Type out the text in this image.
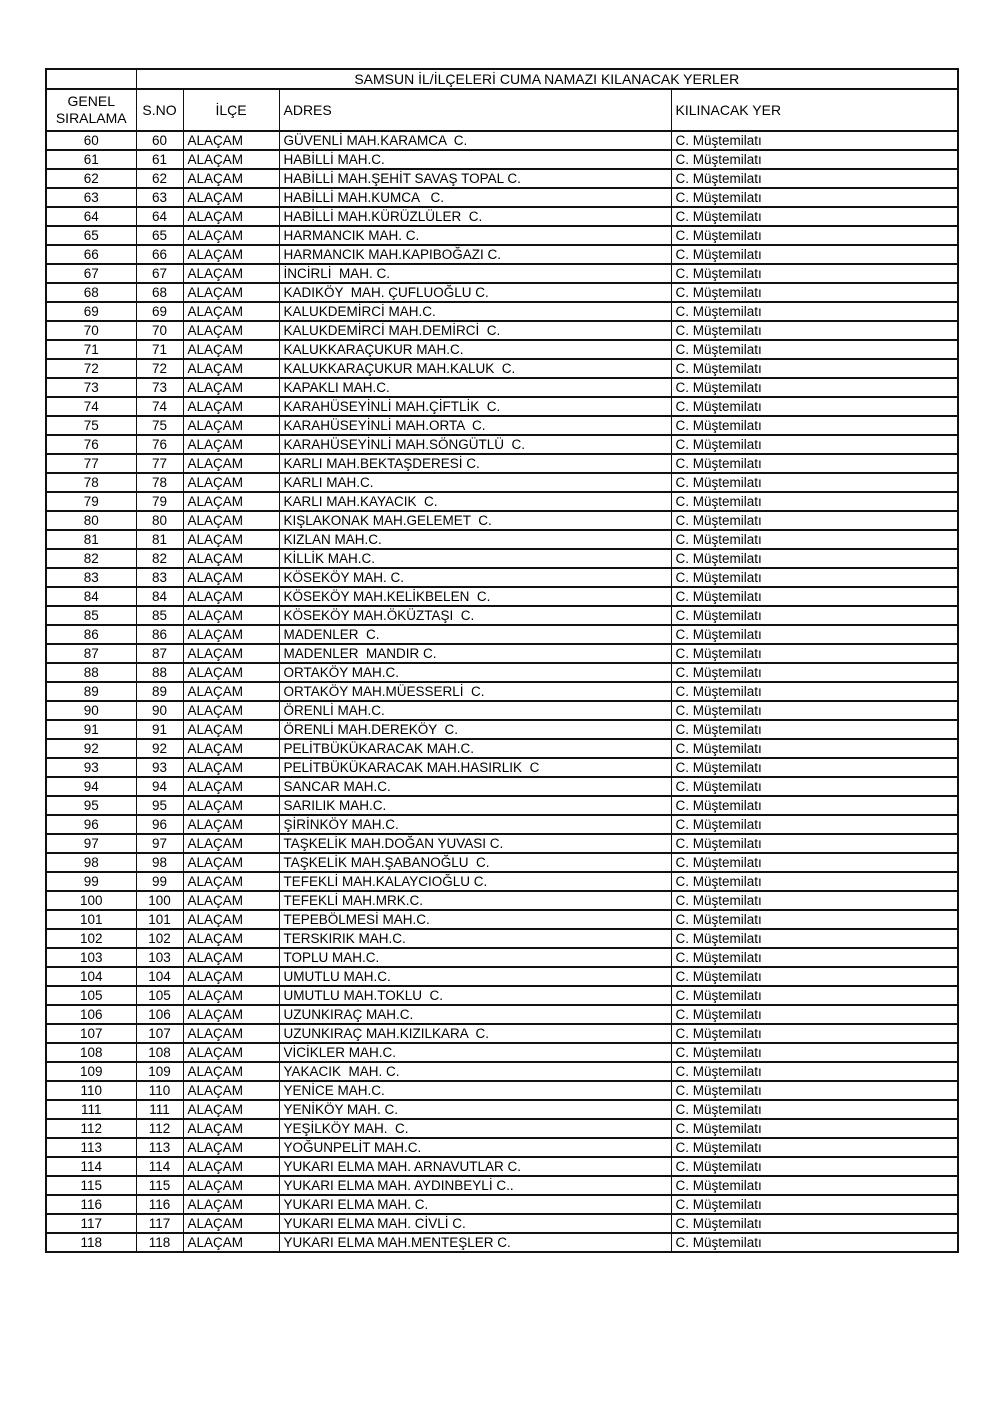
	SAMSUN İL/İLÇELERİ CUMA NAMAZI KILANACAK YERLER			
GENEL SIRALAMA	S.NO	İLÇE	ADRES	KILINACAK YER
60	60	ALAÇAM	GÜVENLİ MAH.KARAMCA  C.	C. Müştemilatı
61	61	ALAÇAM	HABİLLİ MAH.C.	C. Müştemilatı
62	62	ALAÇAM	HABİLLİ MAH.ŞEHİT SAVAŞ TOPAL C.	C. Müştemilatı
63	63	ALAÇAM	HABİLLİ MAH.KUMCA   C.	C. Müştemilatı
64	64	ALAÇAM	HABİLLİ MAH.KÜRÜZLÜLER  C.	C. Müştemilatı
65	65	ALAÇAM	HARMANCIK MAH. C.	C. Müştemilatı
66	66	ALAÇAM	HARMANCIK MAH.KAPIBOĞAZI C.	C. Müştemilatı
67	67	ALAÇAM	İNCİRLİ  MAH. C.	C. Müştemilatı
68	68	ALAÇAM	KADIKÖY  MAH. ÇUFLUOĞLU C.	C. Müştemilatı
69	69	ALAÇAM	KALUKDEMİRCİ MAH.C.	C. Müştemilatı
70	70	ALAÇAM	KALUKDEMİRCİ MAH.DEMİRCİ  C.	C. Müştemilatı
71	71	ALAÇAM	KALUKKARAÇUKUR MAH.C.	C. Müştemilatı
72	72	ALAÇAM	KALUKKARAÇUKUR MAH.KALUK  C.	C. Müştemilatı
73	73	ALAÇAM	KAPAKLI MAH.C.	C. Müştemilatı
74	74	ALAÇAM	KARAHÜSEYİNLİ MAH.ÇİFTLİK  C.	C. Müştemilatı
75	75	ALAÇAM	KARAHÜSEYİNLİ MAH.ORTA  C.	C. Müştemilatı
76	76	ALAÇAM	KARAHÜSEYİNLİ MAH.SÖNGÜTLÜ  C.	C. Müştemilatı
77	77	ALAÇAM	KARLI MAH.BEKTAŞDERESİ C.	C. Müştemilatı
78	78	ALAÇAM	KARLI MAH.C.	C. Müştemilatı
79	79	ALAÇAM	KARLI MAH.KAYACIK  C.	C. Müştemilatı
80	80	ALAÇAM	KIŞLAKONAK MAH.GELEMET  C.	C. Müştemilatı
81	81	ALAÇAM	KIZLAN MAH.C.	C. Müştemilatı
82	82	ALAÇAM	KİLLİK MAH.C.	C. Müştemilatı
83	83	ALAÇAM	KÖSEKÖY MAH. C.	C. Müştemilatı
84	84	ALAÇAM	KÖSEKÖY MAH.KELİKBELEN  C.	C. Müştemilatı
85	85	ALAÇAM	KÖSEKÖY MAH.ÖKÜZTAŞI  C.	C. Müştemilatı
86	86	ALAÇAM	MADENLER  C.	C. Müştemilatı
87	87	ALAÇAM	MADENLER  MANDIR C.	C. Müştemilatı
88	88	ALAÇAM	ORTAKÖY MAH.C.	C. Müştemilatı
89	89	ALAÇAM	ORTAKÖY MAH.MÜESSERLİ  C.	C. Müştemilatı
90	90	ALAÇAM	ÖRENLİ MAH.C.	C. Müştemilatı
91	91	ALAÇAM	ÖRENLİ MAH.DEREKÖY  C.	C. Müştemilatı
92	92	ALAÇAM	PELİTBÜKÜKARACAK MAH.C.	C. Müştemilatı
93	93	ALAÇAM	PELİTBÜKÜKARACAK MAH.HASIRLIK  C	C. Müştemilatı
94	94	ALAÇAM	SANCAR MAH.C.	C. Müştemilatı
95	95	ALAÇAM	SARILIK MAH.C.	C. Müştemilatı
96	96	ALAÇAM	ŞİRİNKÖY MAH.C.	C. Müştemilatı
97	97	ALAÇAM	TAŞKELİK MAH.DOĞAN YUVASI C.	C. Müştemilatı
98	98	ALAÇAM	TAŞKELİK MAH.ŞABANOĞLU  C.	C. Müştemilatı
99	99	ALAÇAM	TEFEKLİ MAH.KALAYCIOĞLU C.	C. Müştemilatı
100	100	ALAÇAM	TEFEKLİ MAH.MRK.C.	C. Müştemilatı
101	101	ALAÇAM	TEPEBÖLMESİ MAH.C.	C. Müştemilatı
102	102	ALAÇAM	TERSKIRIK MAH.C.	C. Müştemilatı
103	103	ALAÇAM	TOPLU MAH.C.	C. Müştemilatı
104	104	ALAÇAM	UMUTLU MAH.C.	C. Müştemilatı
105	105	ALAÇAM	UMUTLU MAH.TOKLU  C.	C. Müştemilatı
106	106	ALAÇAM	UZUNKIRAÇ MAH.C.	C. Müştemilatı
107	107	ALAÇAM	UZUNKIRAÇ MAH.KIZILKARA  C.	C. Müştemilatı
108	108	ALAÇAM	VİCİKLER MAH.C.	C. Müştemilatı
109	109	ALAÇAM	YAKACIK  MAH. C.	C. Müştemilatı
110	110	ALAÇAM	YENİCE MAH.C.	C. Müştemilatı
111	111	ALAÇAM	YENİKÖY MAH. C.	C. Müştemilatı
112	112	ALAÇAM	YEŞİLKÖY MAH.  C.	C. Müştemilatı
113	113	ALAÇAM	YOĞUNPELİT MAH.C.	C. Müştemilatı
114	114	ALAÇAM	YUKARI ELMA MAH. ARNAVUTLAR C.	C. Müştemilatı
115	115	ALAÇAM	YUKARI ELMA MAH. AYDINBEYLİ C..	C. Müştemilatı
116	116	ALAÇAM	YUKARI ELMA MAH. C.	C. Müştemilatı
117	117	ALAÇAM	YUKARI ELMA MAH. CİVLİ C.	C. Müştemilatı
118	118	ALAÇAM	YUKARI ELMA MAH.MENTEŞLER C.	C. Müştemilatı
